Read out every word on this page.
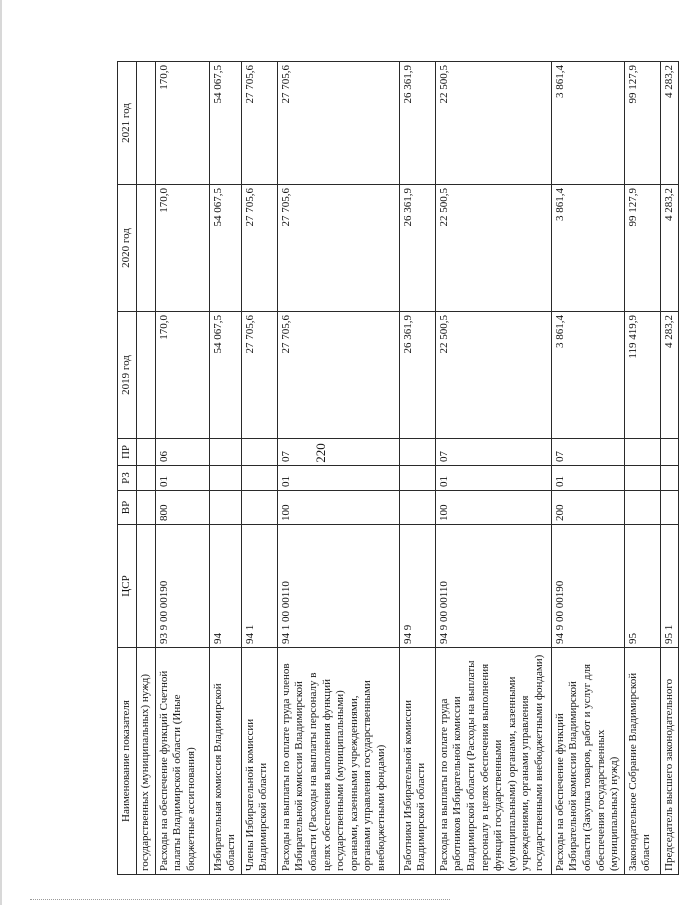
220
Наименование показателя	ЦСР	ВР	РЗ	ПР	2019 год	2020 год	2021 год
государственных (муниципальных) нужд)							
Расходы на обеспечение функций Счетной палаты Владимирской области (Иные бюджетные ассигнования)	93 9 00 00190	800	01	06	170,0	170,0	170,0
Избирательная комиссия Владимирской области	94				54 067,5	54 067,5	54 067,5
Члены Избирательной комиссии Владимирской области	94 1				27 705,6	27 705,6	27 705,6
Расходы на выплаты по оплате труда членов Избирательной комиссии Владимирской области (Расходы на выплаты персоналу в целях обеспечения выполнения функций государственными (муниципальными) органами, казенными учреждениями, органами управления государственными внебюджетными фондами)	94 1 00 00110	100	01	07	27 705,6	27 705,6	27 705,6
Работники Избирательной комиссии Владимирской области	94 9				26 361,9	26 361,9	26 361,9
Расходы на выплаты по оплате труда работников Избирательной комиссии Владимирской области (Расходы на выплаты персоналу в целях обеспечения выполнения функций государственными (муниципальными) органами, казенными учреждениями, органами управления государственными внебюджетными фондами)	94 9 00 00110	100	01	07	22 500,5	22 500,5	22 500,5
Расходы на обеспечение функций Избирательной комиссии Владимирской области (Закупка товаров, работ и услуг для обеспечения государственных (муниципальных) нужд)	94 9 00 00190	200	01	07	3 861,4	3 861,4	3 861,4
Законодательное Собрание Владимирской области	95				119 419,9	99 127,9	99 127,9
Председатель высшего законодательного	95 1				4 283,2	4 283,2	4 283,2
